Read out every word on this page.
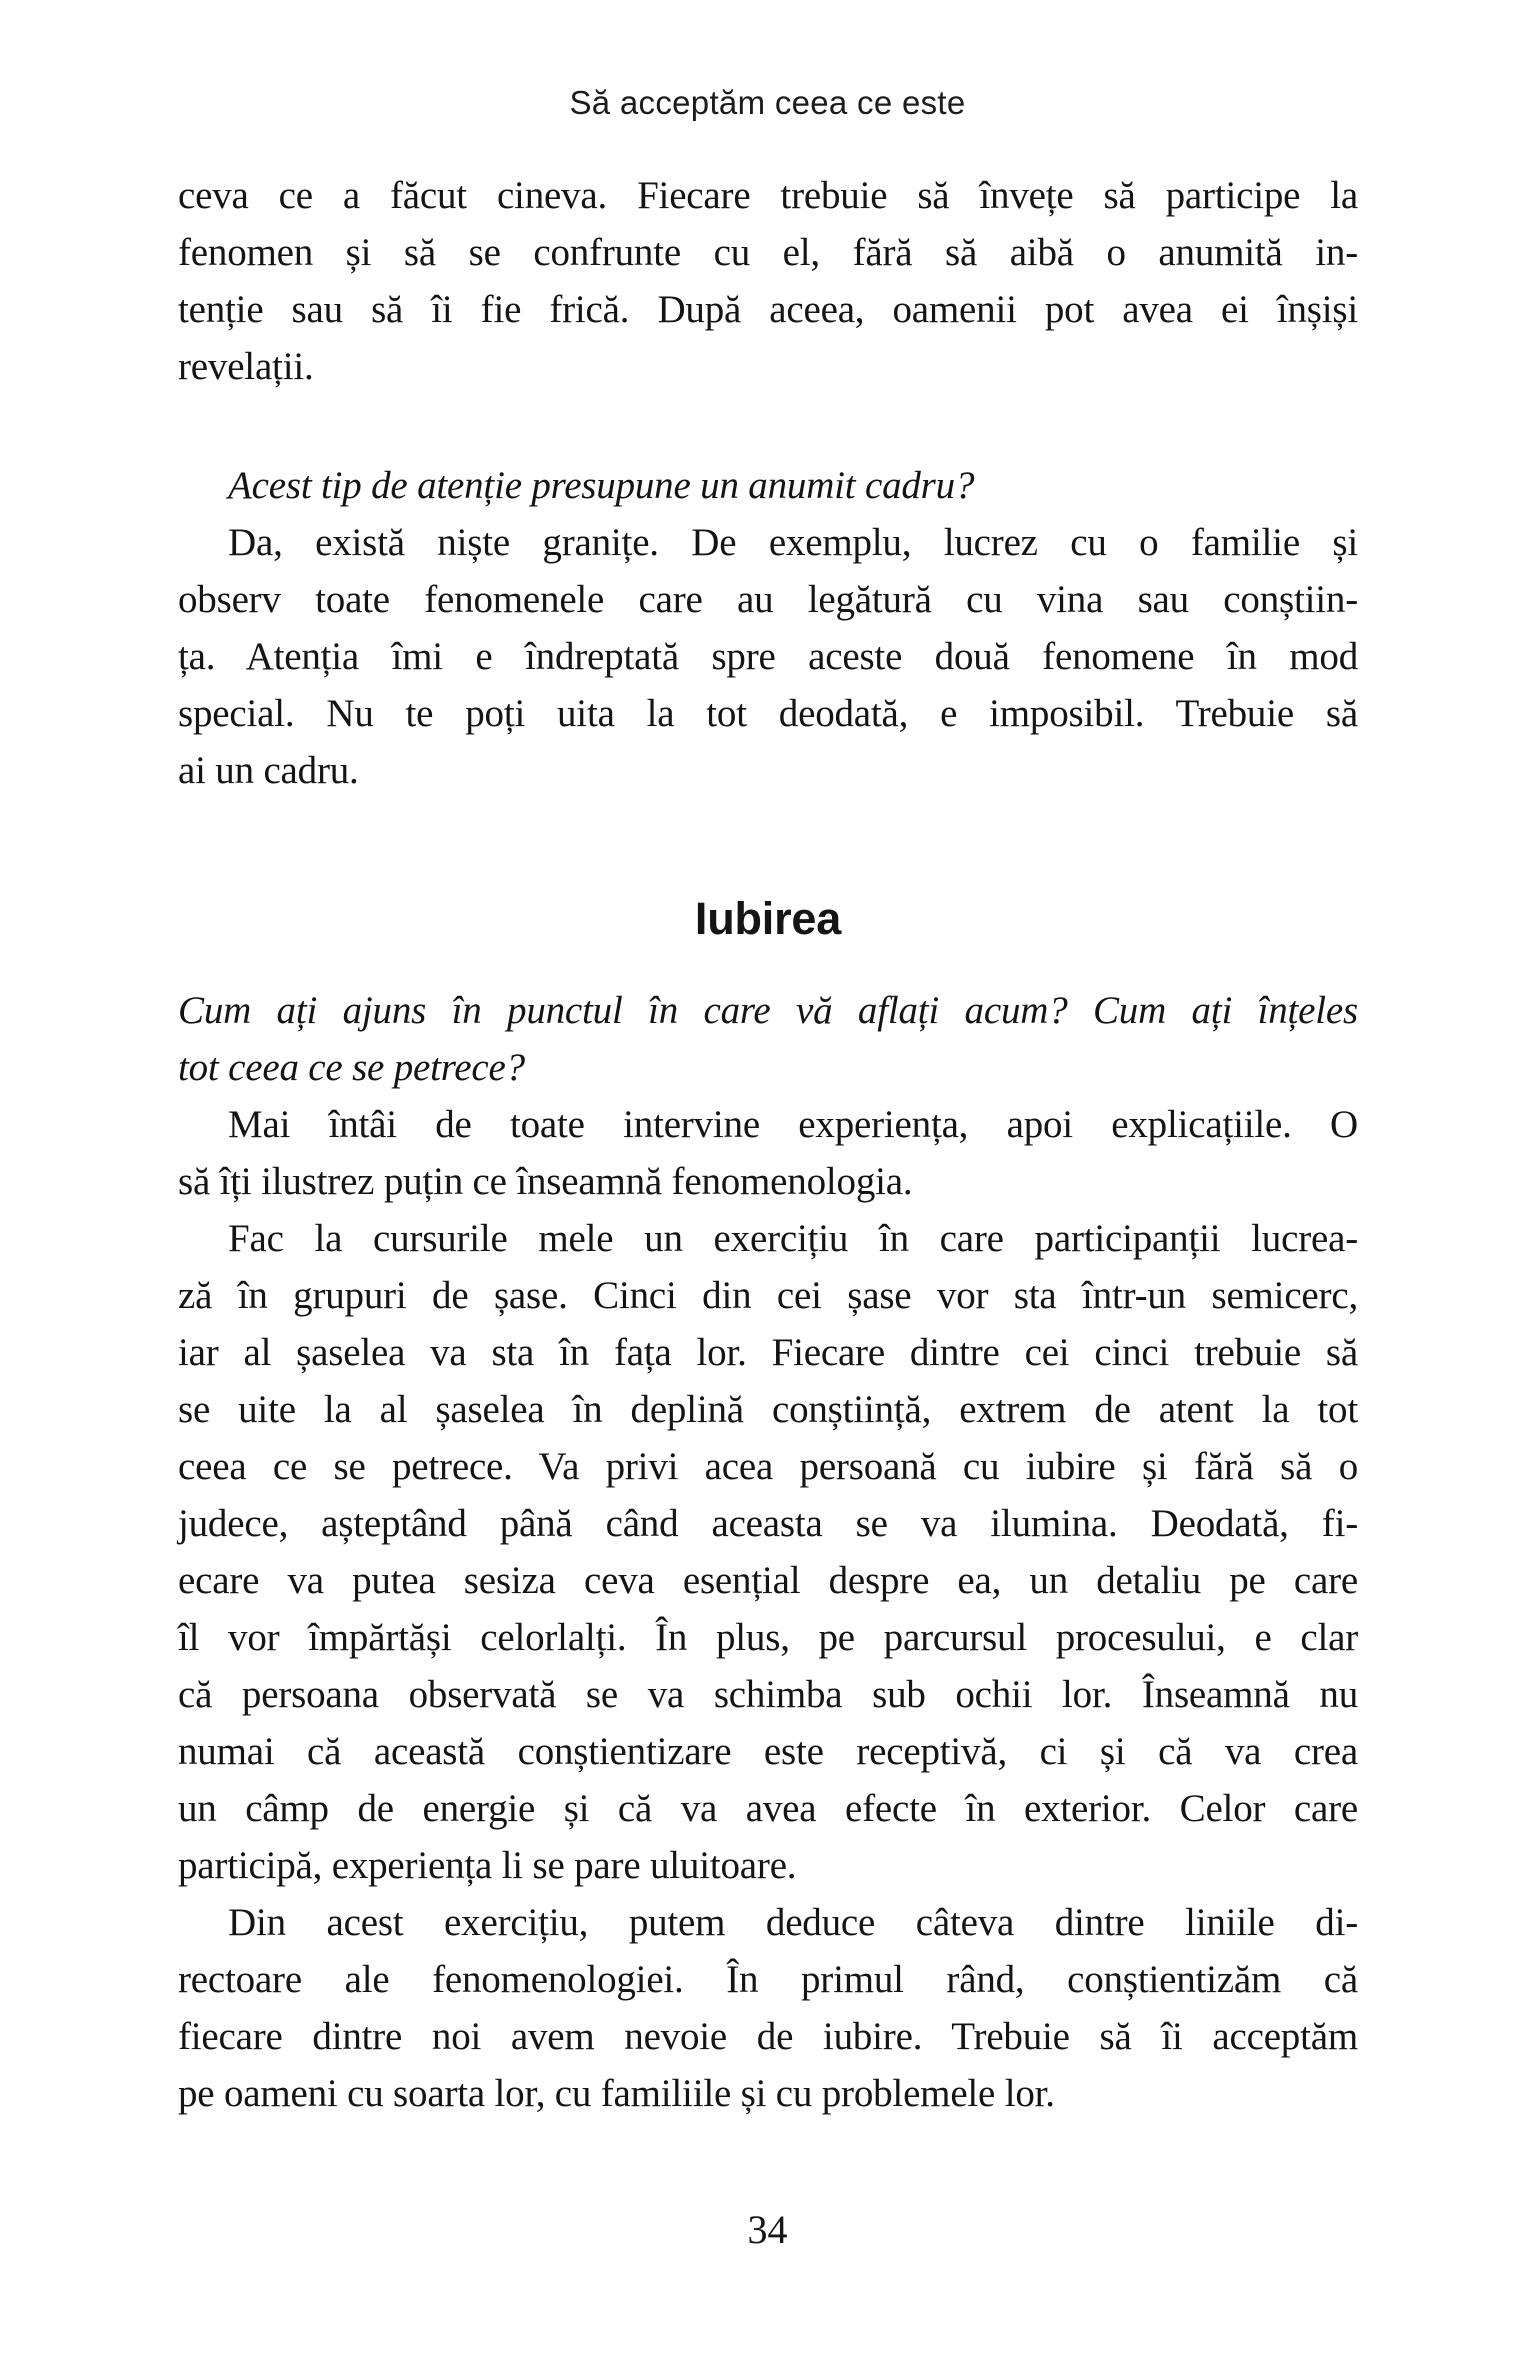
Să acceptăm ceea ce este
ceva ce a făcut cineva. Fiecare trebuie să învețe să participe la
fenomen și să se confrunte cu el, fără să aibă o anumită in-
tenție sau să îi fie frică. După aceea, oamenii pot avea ei înșiși
revelații.
Acest tip de atenție presupune un anumit cadru?
Da, există niște granițe. De exemplu, lucrez cu o familie și
observ toate fenomenele care au legătură cu vina sau conștiin-
ța. Atenția îmi e îndreptată spre aceste două fenomene în mod
special. Nu te poți uita la tot deodată, e imposibil. Trebuie să
ai un cadru.
Iubirea
Cum ați ajuns în punctul în care vă aflați acum? Cum ați înțeles
tot ceea ce se petrece?
Mai întâi de toate intervine experiența, apoi explicațiile. O
să îți ilustrez puțin ce înseamnă fenomenologia.
Fac la cursurile mele un exercițiu în care participanții lucrea-
ză în grupuri de șase. Cinci din cei șase vor sta într-un semicerc,
iar al șaselea va sta în fața lor. Fiecare dintre cei cinci trebuie să
se uite la al șaselea în deplină conștiință, extrem de atent la tot
ceea ce se petrece. Va privi acea persoană cu iubire și fără să o
judece, așteptând până când aceasta se va ilumina. Deodată, fi-
ecare va putea sesiza ceva esențial despre ea, un detaliu pe care
îl vor împărtăși celorlalți. În plus, pe parcursul procesului, e clar
că persoana observată se va schimba sub ochii lor. Înseamnă nu
numai că această conștientizare este receptivă, ci și că va crea
un câmp de energie și că va avea efecte în exterior. Celor care
participă, experiența li se pare uluitoare.
Din acest exercițiu, putem deduce câteva dintre liniile di-
rectoare ale fenomenologiei. În primul rând, conștientizăm că
fiecare dintre noi avem nevoie de iubire. Trebuie să îi acceptăm
pe oameni cu soarta lor, cu familiile și cu problemele lor.
34
